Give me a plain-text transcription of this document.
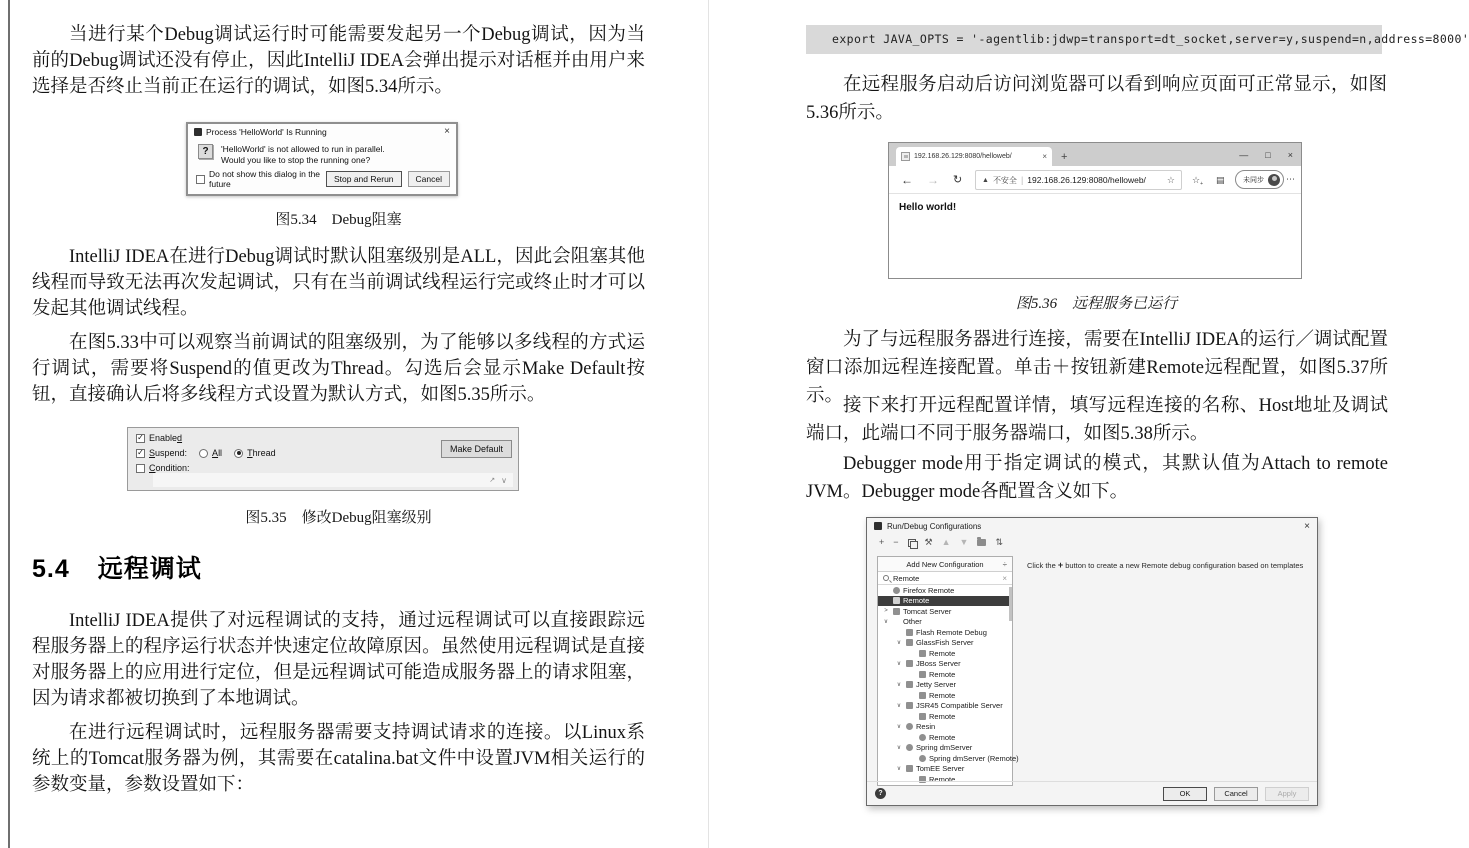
当进行某个Debug调试运行时可能需要发起另一个Debug调试，因为当前的Debug调试还没有停止，因此IntelliJ IDEA会弹出提示对话框并由用户来选择是否终止当前正在运行的调试，如图5.34所示。

Process 'HelloWorld' Is Running	×
?	'HelloWorld' is not allowed to run in parallel.
Would you like to stop the running one?
Do not show this dialog in the future	Stop and Rerun	Cancel
图5.34　Debug阻塞

IntelliJ IDEA在进行Debug调试时默认阻塞级别是ALL，因此会阻塞其他线程而导致无法再次发起调试，只有在当前调试线程运行完或终止时才可以发起其他调试线程。

在图5.33中可以观察当前调试的阻塞级别，为了能够以多线程的方式运行调试，需要将Suspend的值更改为Thread。勾选后会显示Make Default按钮，直接确认后将多线程方式设置为默认方式，如图5.35所示。

✓ Enabled
✓ Suspend:	All	Thread
Condition:
Make Default
↗ ∨
图5.35　修改Debug阻塞级别
5.4 远程调试

IntelliJ IDEA提供了对远程调试的支持，通过远程调试可以直接跟踪远程服务器上的程序运行状态并快速定位故障原因。虽然使用远程调试是直接对服务器上的应用进行定位，但是远程调试可能造成服务器上的请求阻塞，因为请求都被切换到了本地调试。

在进行远程调试时，远程服务器需要支持调试请求的连接。以Linux系统上的Tomcat服务器为例，其需要在catalina.bat文件中设置JVM相关运行的参数变量，参数设置如下：

export JAVA_OPTS = '-agentlib:jdwp=transport=dt_socket,server=y,suspend=n,address=8000'

在远程服务启动后访问浏览器可以看到响应页面可正常显示，如图5.36所示。

192.168.26.129:8080/helloweb/	× +	— □ ×
← → ↻	▲ 不安全 | 192.168.26.129:8080/helloweb/	☆ ☆ + ▤	未同步 ⋯
Hello world!
图5.36　远程服务已运行

为了与远程服务器进行连接，需要在IntelliJ IDEA的运行／调试配置窗口添加远程连接配置。单击＋按钮新建Remote远程配置，如图5.37所示。 接下来打开远程配置详情，填写远程连接的名称、Host地址及调试端口，此端口不同于服务器端口，如图5.38所示。

Debugger mode用于指定调试的模式，其默认值为Attach to remote JVM。Debugger mode各配置含义如下。

Run/Debug Configurations	×
+ −	⚒ ▲ ▼	⇅
Add New Configuration ÷
Remote	×
Firefox Remote
Remote
>	Tomcat Server
∨ Other
Flash Remote Debug
∨ GlassFish Server
Remote
∨ JBoss Server
Remote
∨ Jetty Server
Remote
∨ JSR45 Compatible Server
Remote
∨ Resin
Remote
∨ Spring dmServer
Spring dmServer (Remote)
∨ TomEE Server
Remote
Click the + button to create a new Remote debug configuration based on templates
?	OK	Cancel	Apply
